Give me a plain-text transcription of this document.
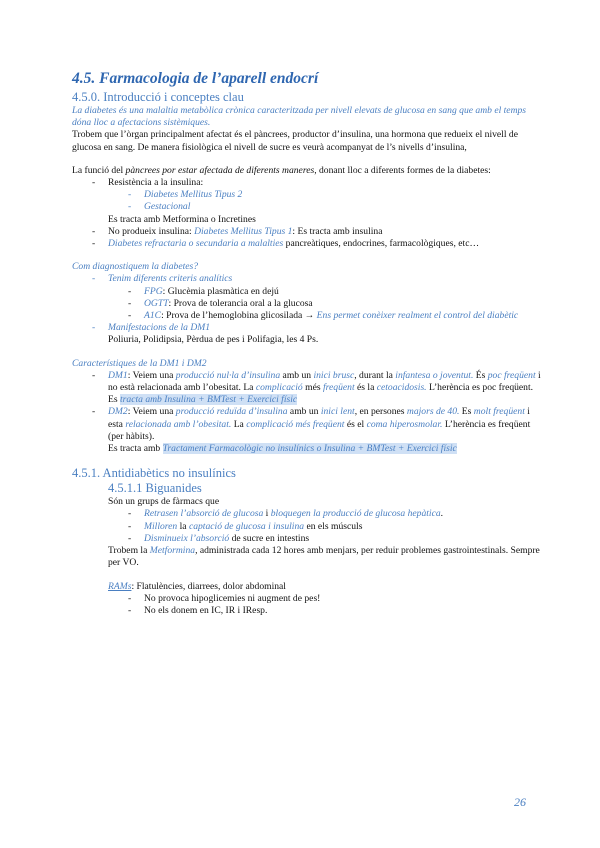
4.5. Farmacologia de l’aparell endocrí
4.5.0. Introducció i conceptes clau

La diabetes és una malaltia metabòlica crònica caracteritzada per nivell elevats de glucosa en sang que amb el temps dóna lloc a afectacions sistèmiques.

Trobem que l’òrgan principalment afectat és el pàncrees, productor d’insulina, una hormona que redueix el nivell de glucosa en sang. De manera fisiològica el nivell de sucre es veurà acompanyat de l’s nivells d’insulina,

La funció del pàncrees por estar afectada de diferents maneres, donant lloc a diferents formes de la diabetes:

- Resistència a la insulina:
- Diabetes Mellitus Tipus 2
- Gestacional

Es tracta amb Metformina o Incretines

- No produeix insulina: Diabetes Mellitus Tipus 1: Es tracta amb insulina
- Diabetes refractaria o secundaria a malalties pancreàtiques, endocrines, farmacològiques, etc…

Com diagnostiquem la diabetes?

- Tenim diferents criteris analítics
- FPG: Glucèmia plasmàtica en dejú
- OGTT: Prova de tolerancia oral a la glucosa
- A1C: Prova de l’hemoglobina glicosilada → Ens permet conèixer realment el control del diabètic
- Manifestacions de la DM1

Poliuria, Polidipsia, Pèrdua de pes i Polifagia, les 4 Ps.

Característiques de la DM1 i DM2

- DM1: Veiem una producció nul·la d’insulina amb un inici brusc, durant la infantesa o joventut. És poc freqüent i no està relacionada amb l’obesitat. La complicació més freqüent és la cetoacidosis. L’herència es poc freqüent. Es tracta amb Insulina + BMTest + Exercici físic
- DM2: Veiem una producció reduïda d’insulina amb un inici lent, en persones majors de 40. Es molt freqüent i esta relacionada amb l’obesitat. La complicació més freqüent és el coma hiperosmolar. L’herència es freqüent (per hàbits).

Es tracta amb Tractament Farmacològic no insulínics o Insulina + BMTest + Exercici físic

4.5.1. Antidiabètics no insulínics
4.5.1.1 Biguanides

Són un grups de fàrmacs que

- Retrasen l’absorció de glucosa i bloquegen la producció de glucosa hepàtica.
- Milloren la captació de glucosa i insulina en els músculs
- Disminueix l’absorció de sucre en intestins

Trobem la Metformina, administrada cada 12 hores amb menjars, per reduir problemes gastrointestinals. Sempre per VO.

RAMs: Flatulències, diarrees, dolor abdominal

- No provoca hipoglicemies ni augment de pes!
- No els donem en IC, IR i IResp.
26
